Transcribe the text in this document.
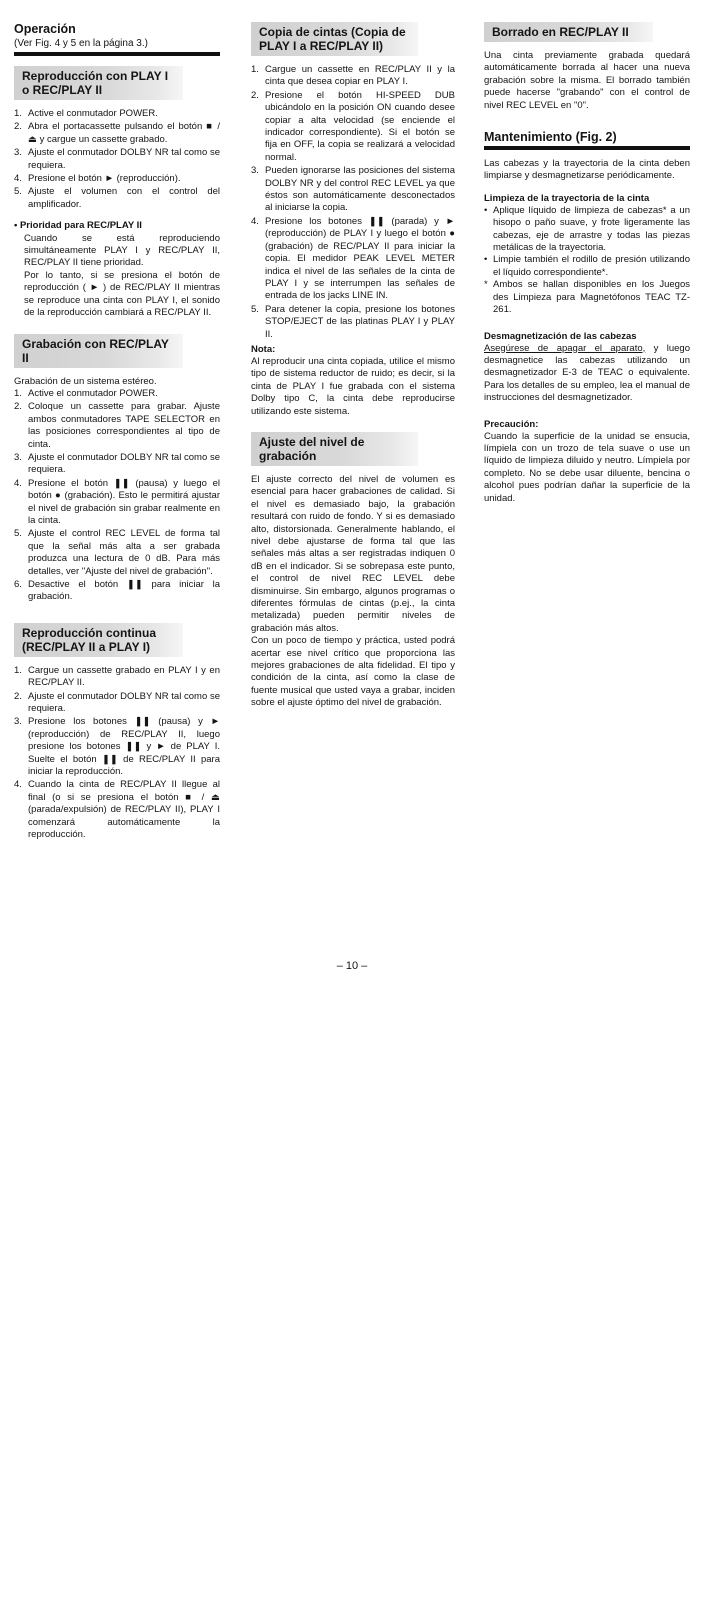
Operación

(Ver Fig. 4 y 5 en la página 3.)

Reproducción con PLAY I o REC/PLAY II
1. Active el conmutador POWER.
2. Abra el portacassette pulsando el botón ■ / ⏏ y cargue un cassette grabado.
3. Ajuste el conmutador DOLBY NR tal como se requiera.
4. Presione el botón ► (reproducción).
5. Ajuste el volumen con el control del amplificador.

• Prioridad para REC/PLAY II

Cuando se está reproduciendo simultáneamente PLAY I y REC/PLAY II, REC/PLAY II tiene prioridad.

Por lo tanto, si se presiona el botón de reproducción ( ► ) de REC/PLAY II mientras se reproduce una cinta con PLAY I, el sonido de la reproducción cambiará a REC/PLAY II.

Grabación con REC/PLAY II

Grabación de un sistema estéreo.

1. Active el conmutador POWER.
2. Coloque un cassette para grabar. Ajuste ambos conmutadores TAPE SELECTOR en las posiciones correspondientes al tipo de cinta.
3. Ajuste el conmutador DOLBY NR tal como se requiera.
4. Presione el botón ❚❚ (pausa) y luego el botón ● (grabación). Esto le permitirá ajustar el nivel de grabación sin grabar realmente en la cinta.
5. Ajuste el control REC LEVEL de forma tal que la señal más alta a ser grabada produzca una lectura de 0 dB. Para más detalles, ver "Ajuste del nivel de grabación".
6. Desactive el botón ❚❚ para iniciar la grabación.
Reproducción continua (REC/PLAY II a PLAY I)
1. Cargue un cassette grabado en PLAY I y en REC/PLAY II.
2. Ajuste el conmutador DOLBY NR tal como se requiera.
3. Presione los botones ❚❚ (pausa) y ► (reproducción) de REC/PLAY II, luego presione los botones ❚❚ y ► de PLAY I. Suelte el botón ❚❚ de REC/PLAY II para iniciar la reproducción.
4. Cuando la cinta de REC/PLAY II llegue al final (o si se presiona el botón ■ / ⏏ (parada/expulsión) de REC/PLAY II), PLAY I comenzará automáticamente la reproducción.
Copia de cintas (Copia de PLAY I a REC/PLAY II)
1. Cargue un cassette en REC/PLAY II y la cinta que desea copiar en PLAY I.
2. Presione el botón HI-SPEED DUB ubicándolo en la posición ON cuando desee copiar a alta velocidad (se enciende el indicador correspondiente). Si el botón se fija en OFF, la copia se realizará a velocidad normal.
3. Pueden ignorarse las posiciones del sistema DOLBY NR y del control REC LEVEL ya que éstos son automáticamente desconectados al iniciarse la copia.
4. Presione los botones ❚❚ (parada) y ► (reproducción) de PLAY I y luego el botón ● (grabación) de REC/PLAY II para iniciar la copia. El medidor PEAK LEVEL METER indica el nivel de las señales de la cinta de PLAY I y se interrumpen las señales de entrada de los jacks LINE IN.
5. Para detener la copia, presione los botones STOP/EJECT de las platinas PLAY I y PLAY II.

Nota:

Al reproducir una cinta copiada, utilice el mismo tipo de sistema reductor de ruido; es decir, si la cinta de PLAY I fue grabada con el sistema Dolby tipo C, la cinta debe reproducirse utilizando este sistema.

Ajuste del nivel de grabación

El ajuste correcto del nivel de volumen es esencial para hacer grabaciones de calidad. Si el nivel es demasiado bajo, la grabación resultará con ruido de fondo. Y si es demasiado alto, distorsionada. Generalmente hablando, el nivel debe ajustarse de forma tal que las señales más altas a ser registradas indiquen 0 dB en el indicador. Si se sobrepasa este punto, el control de nivel REC LEVEL debe disminuirse. Sin embargo, algunos programas o diferentes fórmulas de cintas (p.ej., la cinta metalizada) pueden permitir niveles de grabación más altos.

Con un poco de tiempo y práctica, usted podrá acertar ese nivel crítico que proporciona las mejores grabaciones de alta fidelidad. El tipo y condición de la cinta, así como la clase de fuente musical que usted vaya a grabar, inciden sobre el ajuste óptimo del nivel de grabación.

Borrado en REC/PLAY II

Una cinta previamente grabada quedará automáticamente borrada al hacer una nueva grabación sobre la misma. El borrado también puede hacerse "grabando" con el control de nivel REC LEVEL en "0".

Mantenimiento (Fig. 2)

Las cabezas y la trayectoria de la cinta deben limpiarse y desmagnetizarse periódicamente.

Limpieza de la trayectoria de la cinta

• Aplique líquido de limpieza de cabezas* a un hisopo o paño suave, y frote ligeramente las cabezas, eje de arrastre y todas las piezas metálicas de la trayectoria.
• Limpie también el rodillo de presión utilizando el líquido correspondiente*.
* Ambos se hallan disponibles en los Juegos des Limpieza para Magnetófonos TEAC TZ-261.

Desmagnetización de las cabezas

Asegúrese de apagar el aparato, y luego desmagnetice las cabezas utilizando un desmagnetizador E-3 de TEAC o equivalente. Para los detalles de su empleo, lea el manual de instrucciones del desmagnetizador.

Precaución:

Cuando la superficie de la unidad se ensucia, límpiela con un trozo de tela suave o use un líquido de limpieza diluido y neutro. Límpiela por completo. No se debe usar diluente, bencina o alcohol pues podrían dañar la superficie de la unidad.

– 10 –
